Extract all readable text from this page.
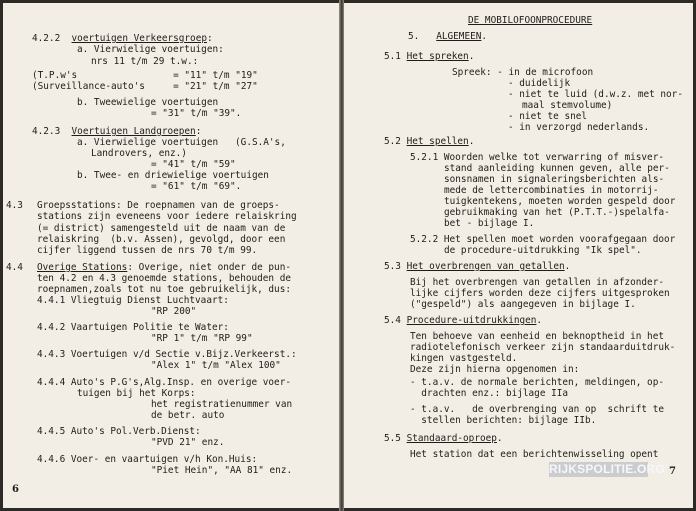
4.2.2 voertuigen Verkeersgroep:
a. Vierwielige voertuigen:
nrs 11 t/m 29 t.w.:
(T.P.w's                 = "11" t/m "19"
(Surveillance-auto's     = "21" t/m "27"
b. Tweewielige voertuigen
= "31" t/m "39".
4.2.3 Voertuigen Landgroepen:
a. Vierwielige voertuigen   (G.S.A's,
Landrovers, enz.)
= "41" t/m "59"
b. Twee- en driewielige voertuigen
= "61" t/m "69".
4.3 Groepsstations: De roepnamen van de groeps-
stations zijn eveneens voor iedere relaiskring
(= district) samengesteld uit de naam van de
relaiskring  (b.v. Assen), gevolgd, door een
cijfer liggend tussen de nrs 70 t/m 99.
4.4 Overige Stations: Overige, niet onder de pun-
ten 4.2 en 4.3 genoemde stations, behouden de
roepnamen,zoals tot nu toe gebruikelijk, dus:
4.4.1 Vliegtuig Dienst Luchtvaart:
"RP 200"
4.4.2 Vaartuigen Politie te Water:
"RP 1" t/m "RP 99"
4.4.3 Voertuigen v/d Sectie v.Bijz.Verkeerst.:
"Alex 1" t/m "Alex 100"
4.4.4 Auto's P.G's,Alg.Insp. en overige voer-
tuigen bij het Korps:
het registratienummer van
de betr. auto
4.4.5 Auto's Pol.Verb.Dienst:
"PVD 21" enz.
4.4.6 Voer- en vaartuigen v/h Kon.Huis:
"Piet Hein", "AA 81" enz.
6
DE MOBILOFOONPROCEDURE
5. ALGEMEEN.
5.1 Het spreken.
Spreek: - in de microfoon
- duidelijk
- niet te luid (d.w.z. met nor-
maal stemvolume)
- niet te snel
- in verzorgd nederlands.
5.2 Het spellen.
5.2.1 Woorden welke tot verwarring of misver-
stand aanleiding kunnen geven, alle per-
sonsnamen in signaleringsberichten als-
mede de lettercombinaties in motorrij-
tuigkentekens, moeten worden gespeld door
gebruikmaking van het (P.T.T.-)spelalfa-
bet - bijlage I.
5.2.2 Het spellen moet worden voorafgegaan door
de procedure-uitdrukking "Ik spel".
5.3 Het overbrengen van getallen.
Bij het overbrengen van getallen in afzonder-
lijke cijfers worden deze cijfers uitgesproken
("gespeld") als aangegeven in bijlage I.
5.4 Procedure-uitdrukkingen.
Ten behoeve van eenheid en beknoptheid in het
radiotelefonisch verkeer zijn standaarduitdruk-
kingen vastgesteld.
Deze zijn hierna opgenomen in:
- t.a.v. de normale berichten, meldingen, op-
drachten enz.: bijlage IIa
- t.a.v.   de overbrenging van op  schrift te
stellen berichten: bijlage IIb.
5.5 Standaard-oproep.
Het station dat een berichtenwisseling opent
7
RIJKSPOLITIE.ORG
